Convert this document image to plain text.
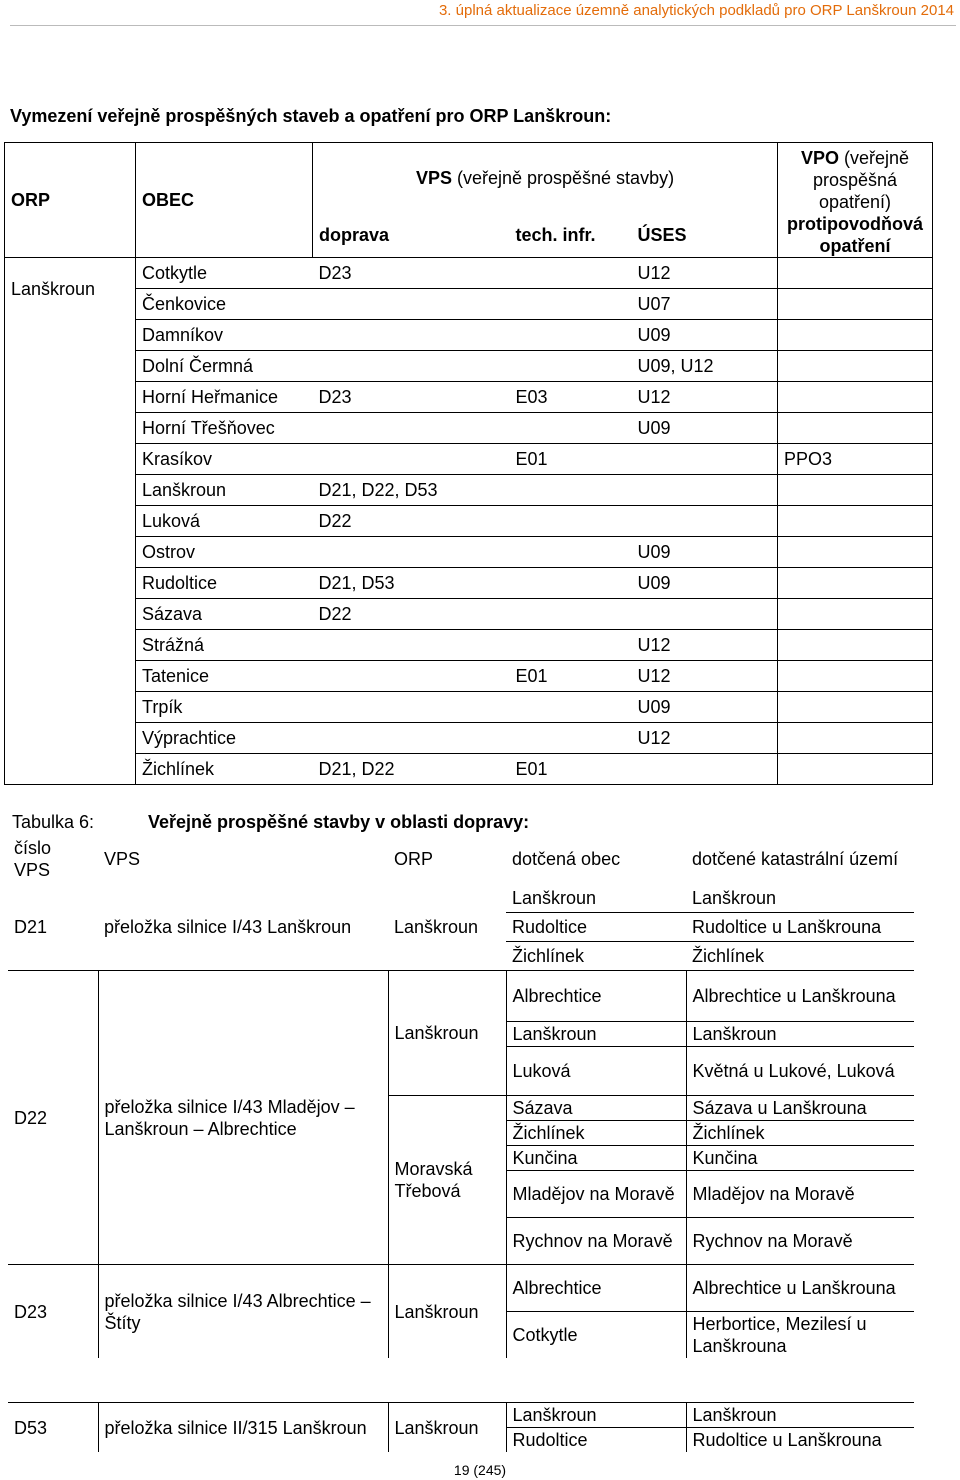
3. úplná aktualizace územně analytických podkladů pro ORP Lanškroun 2014
Vymezení veřejně prospěšných staveb a opatření pro ORP Lanškroun:
ORP	OBEC	VPS (veřejně prospěšné stavby)			VPO (veřejně prospěšná opatření)
		doprava	tech. infr.	ÚSES	protipovodňová opatření
Lanškroun	Cotkytle	D23		U12	
	Čenkovice			U07	
	Damníkov			U09	
	Dolní Čermná			U09, U12	
	Horní Heřmanice	D23	E03	U12	
	Horní Třešňovec			U09	
	Krasíkov		E01		PPO3
	Lanškroun	D21, D22, D53			
	Luková	D22			
	Ostrov			U09	
	Rudoltice	D21, D53		U09	
	Sázava	D22			
	Strážná			U12	
	Tatenice		E01	U12	
	Trpík			U09	
	Výprachtice			U12	
	Žichlínek	D21, D22	E01		
Tabulka 6:	Veřejně prospěšné stavby v oblasti dopravy:
číslo VPS	VPS	ORP	dotčená obec	dotčené katastrální území
D21	přeložka silnice I/43 Lanškroun	Lanškroun	Lanškroun	Lanškroun
			Rudoltice	Rudoltice u Lanškrouna
			Žichlínek	Žichlínek
D22	přeložka silnice I/43 Mladějov – Lanškroun – Albrechtice	Lanškroun	Albrechtice	Albrechtice u Lanškrouna
			Lanškroun	Lanškroun
			Luková	Květná u Lukové, Luková
		Moravská Třebová	Sázava	Sázava u Lanškrouna
			Žichlínek	Žichlínek
			Kunčina	Kunčina
			Mladějov na Moravě	Mladějov na Moravě
			Rychnov na Moravě	Rychnov na Moravě
D23	přeložka silnice I/43 Albrechtice – Štíty	Lanškroun	Albrechtice	Albrechtice u Lanškrouna
			Cotkytle	Herbortice, Mezilesí u Lanškrouna

D53	přeložka silnice II/315 Lanškroun	Lanškroun	Lanškroun	Lanškroun
			Rudoltice	Rudoltice u Lanškrouna
19 (245)
